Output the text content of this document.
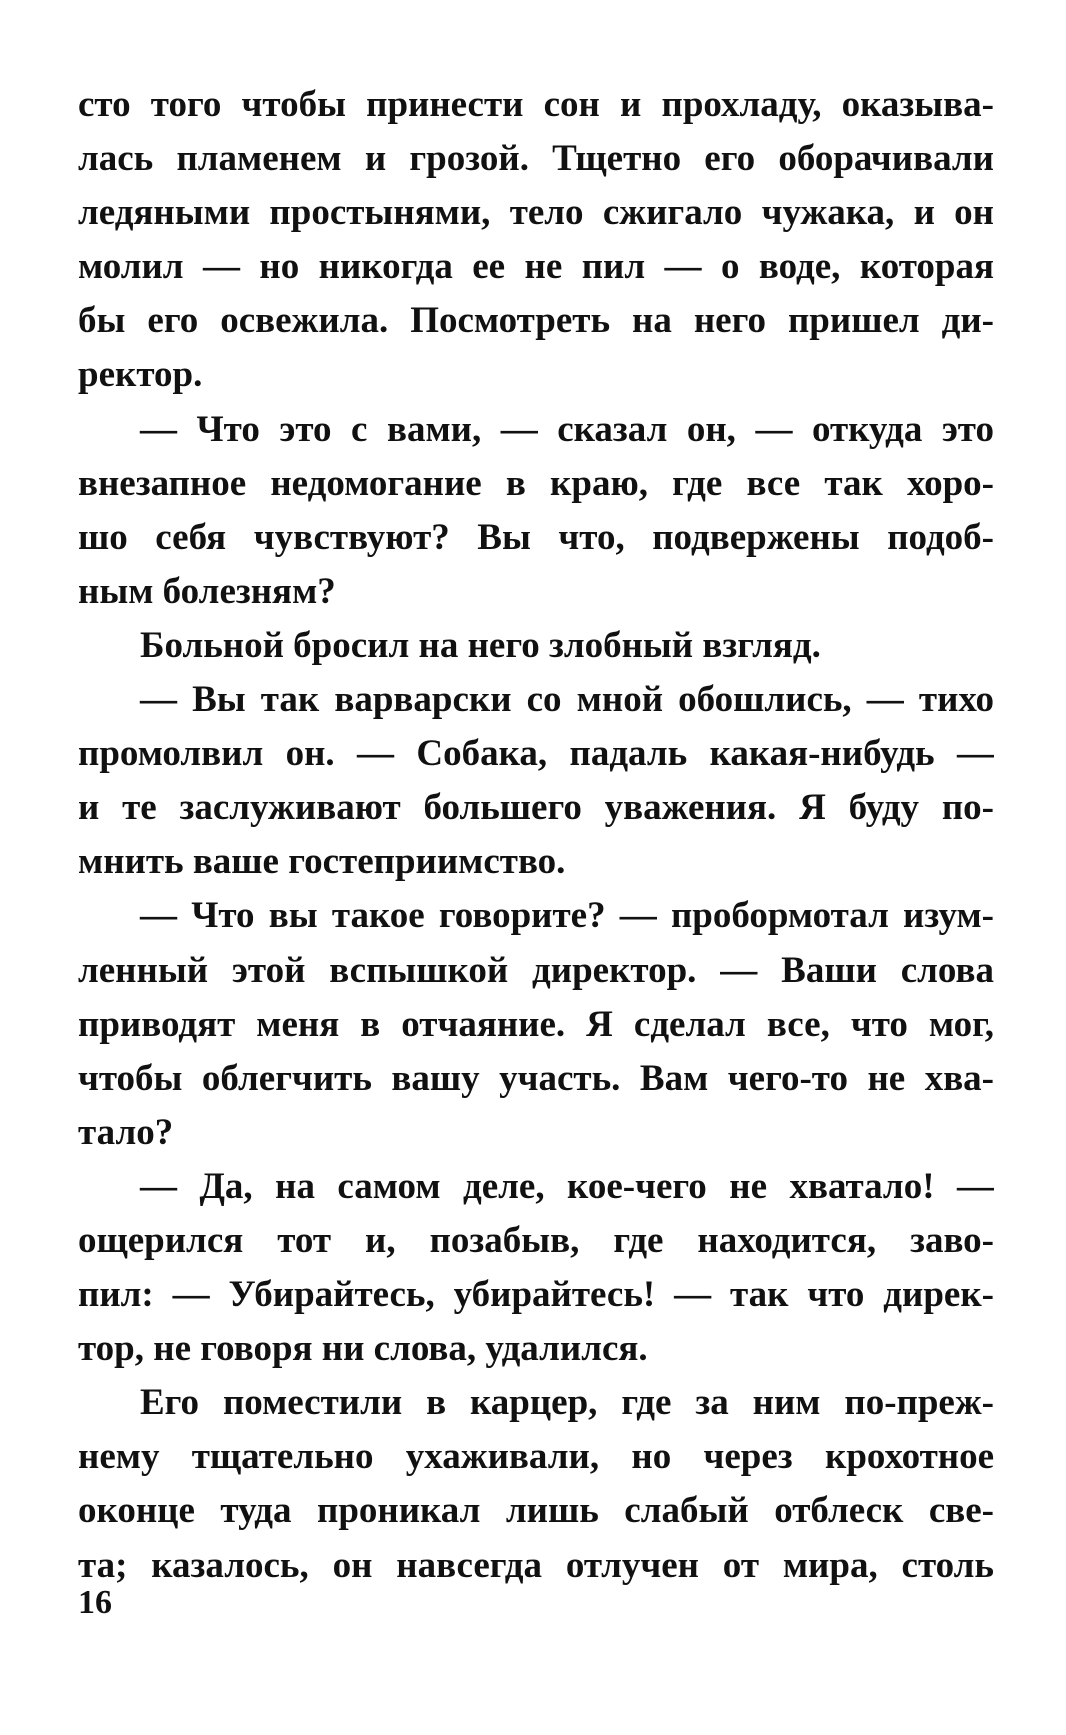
сто того чтобы принести сон и прохладу, оказыва-
лась пламенем и грозой. Тщетно его оборачивали
ледяными простынями, тело сжигало чужака, и он
молил — но никогда ее не пил — о воде, которая
бы его освежила. Посмотреть на него пришел ди-
ректор.
— Что это с вами, — сказал он, — откуда это
внезапное недомогание в краю, где все так хоро-
шо себя чувствуют? Вы что, подвержены подоб-
ным болезням?
Больной бросил на него злобный взгляд.
— Вы так варварски со мной обошлись, — тихо
промолвил он. — Собака, падаль какая-нибудь —
и те заслуживают большего уважения. Я буду по-
мнить ваше гостеприимство.
— Что вы такое говорите? — пробормотал изум-
ленный этой вспышкой директор. — Ваши слова
приводят меня в отчаяние. Я сделал все, что мог,
чтобы облегчить вашу участь. Вам чего-то не хва-
тало?
— Да, на самом деле, кое-чего не хватало! —
ощерился тот и, позабыв, где находится, заво-
пил: — Убирайтесь, убирайтесь! — так что дирек-
тор, не говоря ни слова, удалился.
Его поместили в карцер, где за ним по-преж-
нему тщательно ухаживали, но через крохотное
оконце туда проникал лишь слабый отблеск све-
та; казалось, он навсегда отлучен от мира, столь
16
